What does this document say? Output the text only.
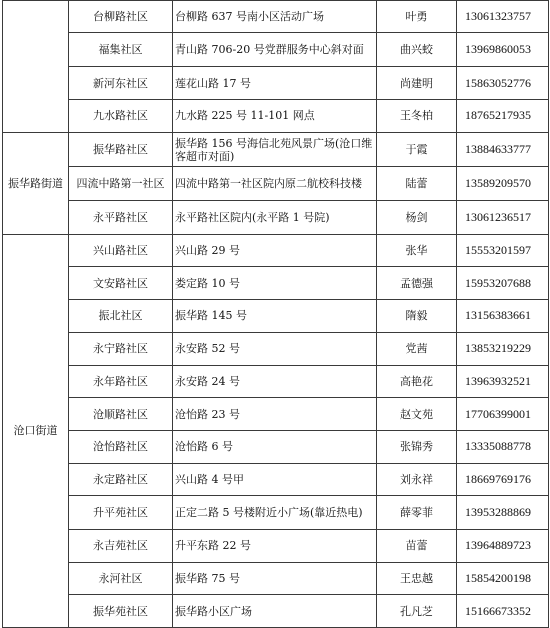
	台柳路社区	台柳路 637 号南小区活动广场	叶勇	13061323757
	福集社区	青山路 706-20 号党群服务中心斜对面	曲兴蛟	13969860053
	新河东社区	莲花山路 17 号	尚建明	15863052776
	九水路社区	九水路 225 号 11-101 网点	王冬柏	18765217935
振华路街道	振华路社区	振华路 156 号海信北苑风景广场(沧口维客超市对面)	于霞	13884633777
	四流中路第一社区	四流中路第一社区院内原二航校科技楼	陆蕾	13589209570
	永平路社区	永平路社区院内(永平路 1 号院)	杨剑	13061236517
沧口街道	兴山路社区	兴山路 29 号	张华	15553201597
	文安路社区	娄定路 10 号	孟德强	15953207688
	振北社区	振华路 145 号	隋毅	13156383661
	永宁路社区	永安路 52 号	党茜	13853219229
	永年路社区	永安路 24 号	高艳花	13963932521
	沧顺路社区	沧怡路 23 号	赵文苑	17706399001
	沧怡路社区	沧怡路 6 号	张锦秀	13335088778
	永定路社区	兴山路 4 号甲	刘永祥	18669769176
	升平苑社区	正定二路 5 号楼附近小广场(靠近热电)	薛零菲	13953288869
	永吉苑社区	升平东路 22 号	苗蕾	13964889723
	永河社区	振华路 75 号	王忠越	15854200198
	振华苑社区	振华路小区广场	孔凡芝	15166673352
